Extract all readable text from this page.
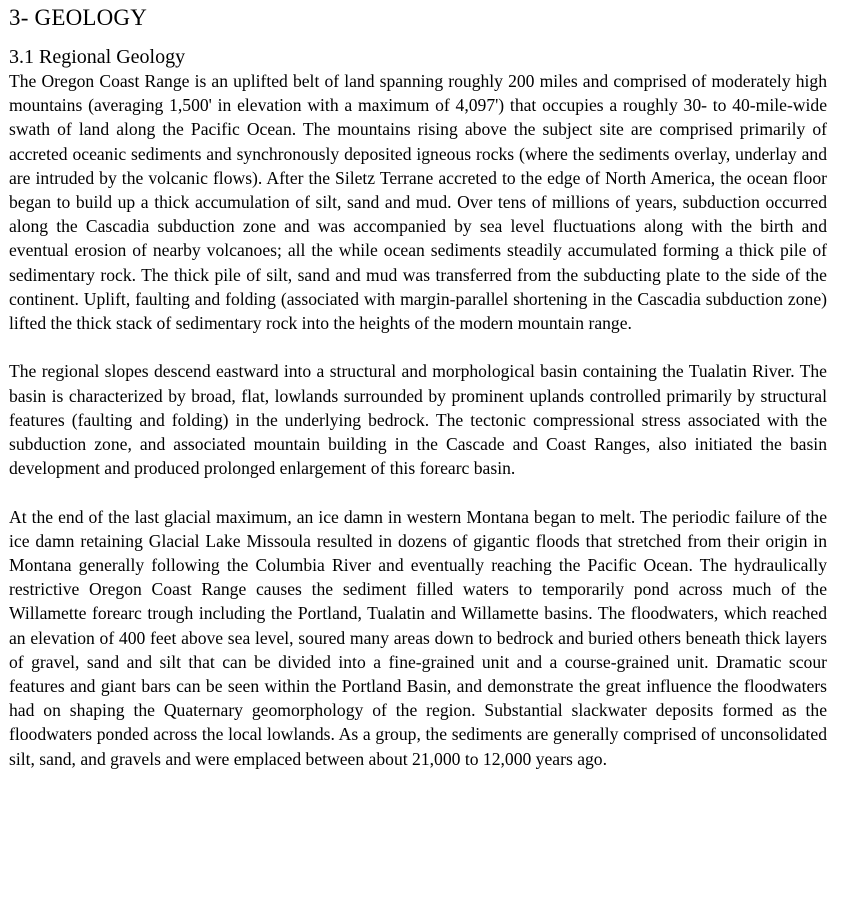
3- GEOLOGY
3.1 Regional Geology

The Oregon Coast Range is an uplifted belt of land spanning roughly 200 miles and comprised of moderately high mountains (averaging 1,500' in elevation with a maximum of 4,097') that occupies a roughly 30- to 40-mile-wide swath of land along the Pacific Ocean. The mountains rising above the subject site are comprised primarily of accreted oceanic sediments and synchronously deposited igneous rocks (where the sediments overlay, underlay and are intruded by the volcanic flows). After the Siletz Terrane accreted to the edge of North America, the ocean floor began to build up a thick accumulation of silt, sand and mud. Over tens of millions of years, subduction occurred along the Cascadia subduction zone and was accompanied by sea level fluctuations along with the birth and eventual erosion of nearby volcanoes; all the while ocean sediments steadily accumulated forming a thick pile of sedimentary rock. The thick pile of silt, sand and mud was transferred from the subducting plate to the side of the continent. Uplift, faulting and folding (associated with margin-parallel shortening in the Cascadia subduction zone) lifted the thick stack of sedimentary rock into the heights of the modern mountain range.

The regional slopes descend eastward into a structural and morphological basin containing the Tualatin River. The basin is characterized by broad, flat, lowlands surrounded by prominent uplands controlled primarily by structural features (faulting and folding) in the underlying bedrock. The tectonic compressional stress associated with the subduction zone, and associated mountain building in the Cascade and Coast Ranges, also initiated the basin development and produced prolonged enlargement of this forearc basin.

At the end of the last glacial maximum, an ice damn in western Montana began to melt. The periodic failure of the ice damn retaining Glacial Lake Missoula resulted in dozens of gigantic floods that stretched from their origin in Montana generally following the Columbia River and eventually reaching the Pacific Ocean. The hydraulically restrictive Oregon Coast Range causes the sediment filled waters to temporarily pond across much of the Willamette forearc trough including the Portland, Tualatin and Willamette basins. The floodwaters, which reached an elevation of 400 feet above sea level, soured many areas down to bedrock and buried others beneath thick layers of gravel, sand and silt that can be divided into a fine-grained unit and a course-grained unit. Dramatic scour features and giant bars can be seen within the Portland Basin, and demonstrate the great influence the floodwaters had on shaping the Quaternary geomorphology of the region. Substantial slackwater deposits formed as the floodwaters ponded across the local lowlands. As a group, the sediments are generally comprised of unconsolidated silt, sand, and gravels and were emplaced between about 21,000 to 12,000 years ago.
